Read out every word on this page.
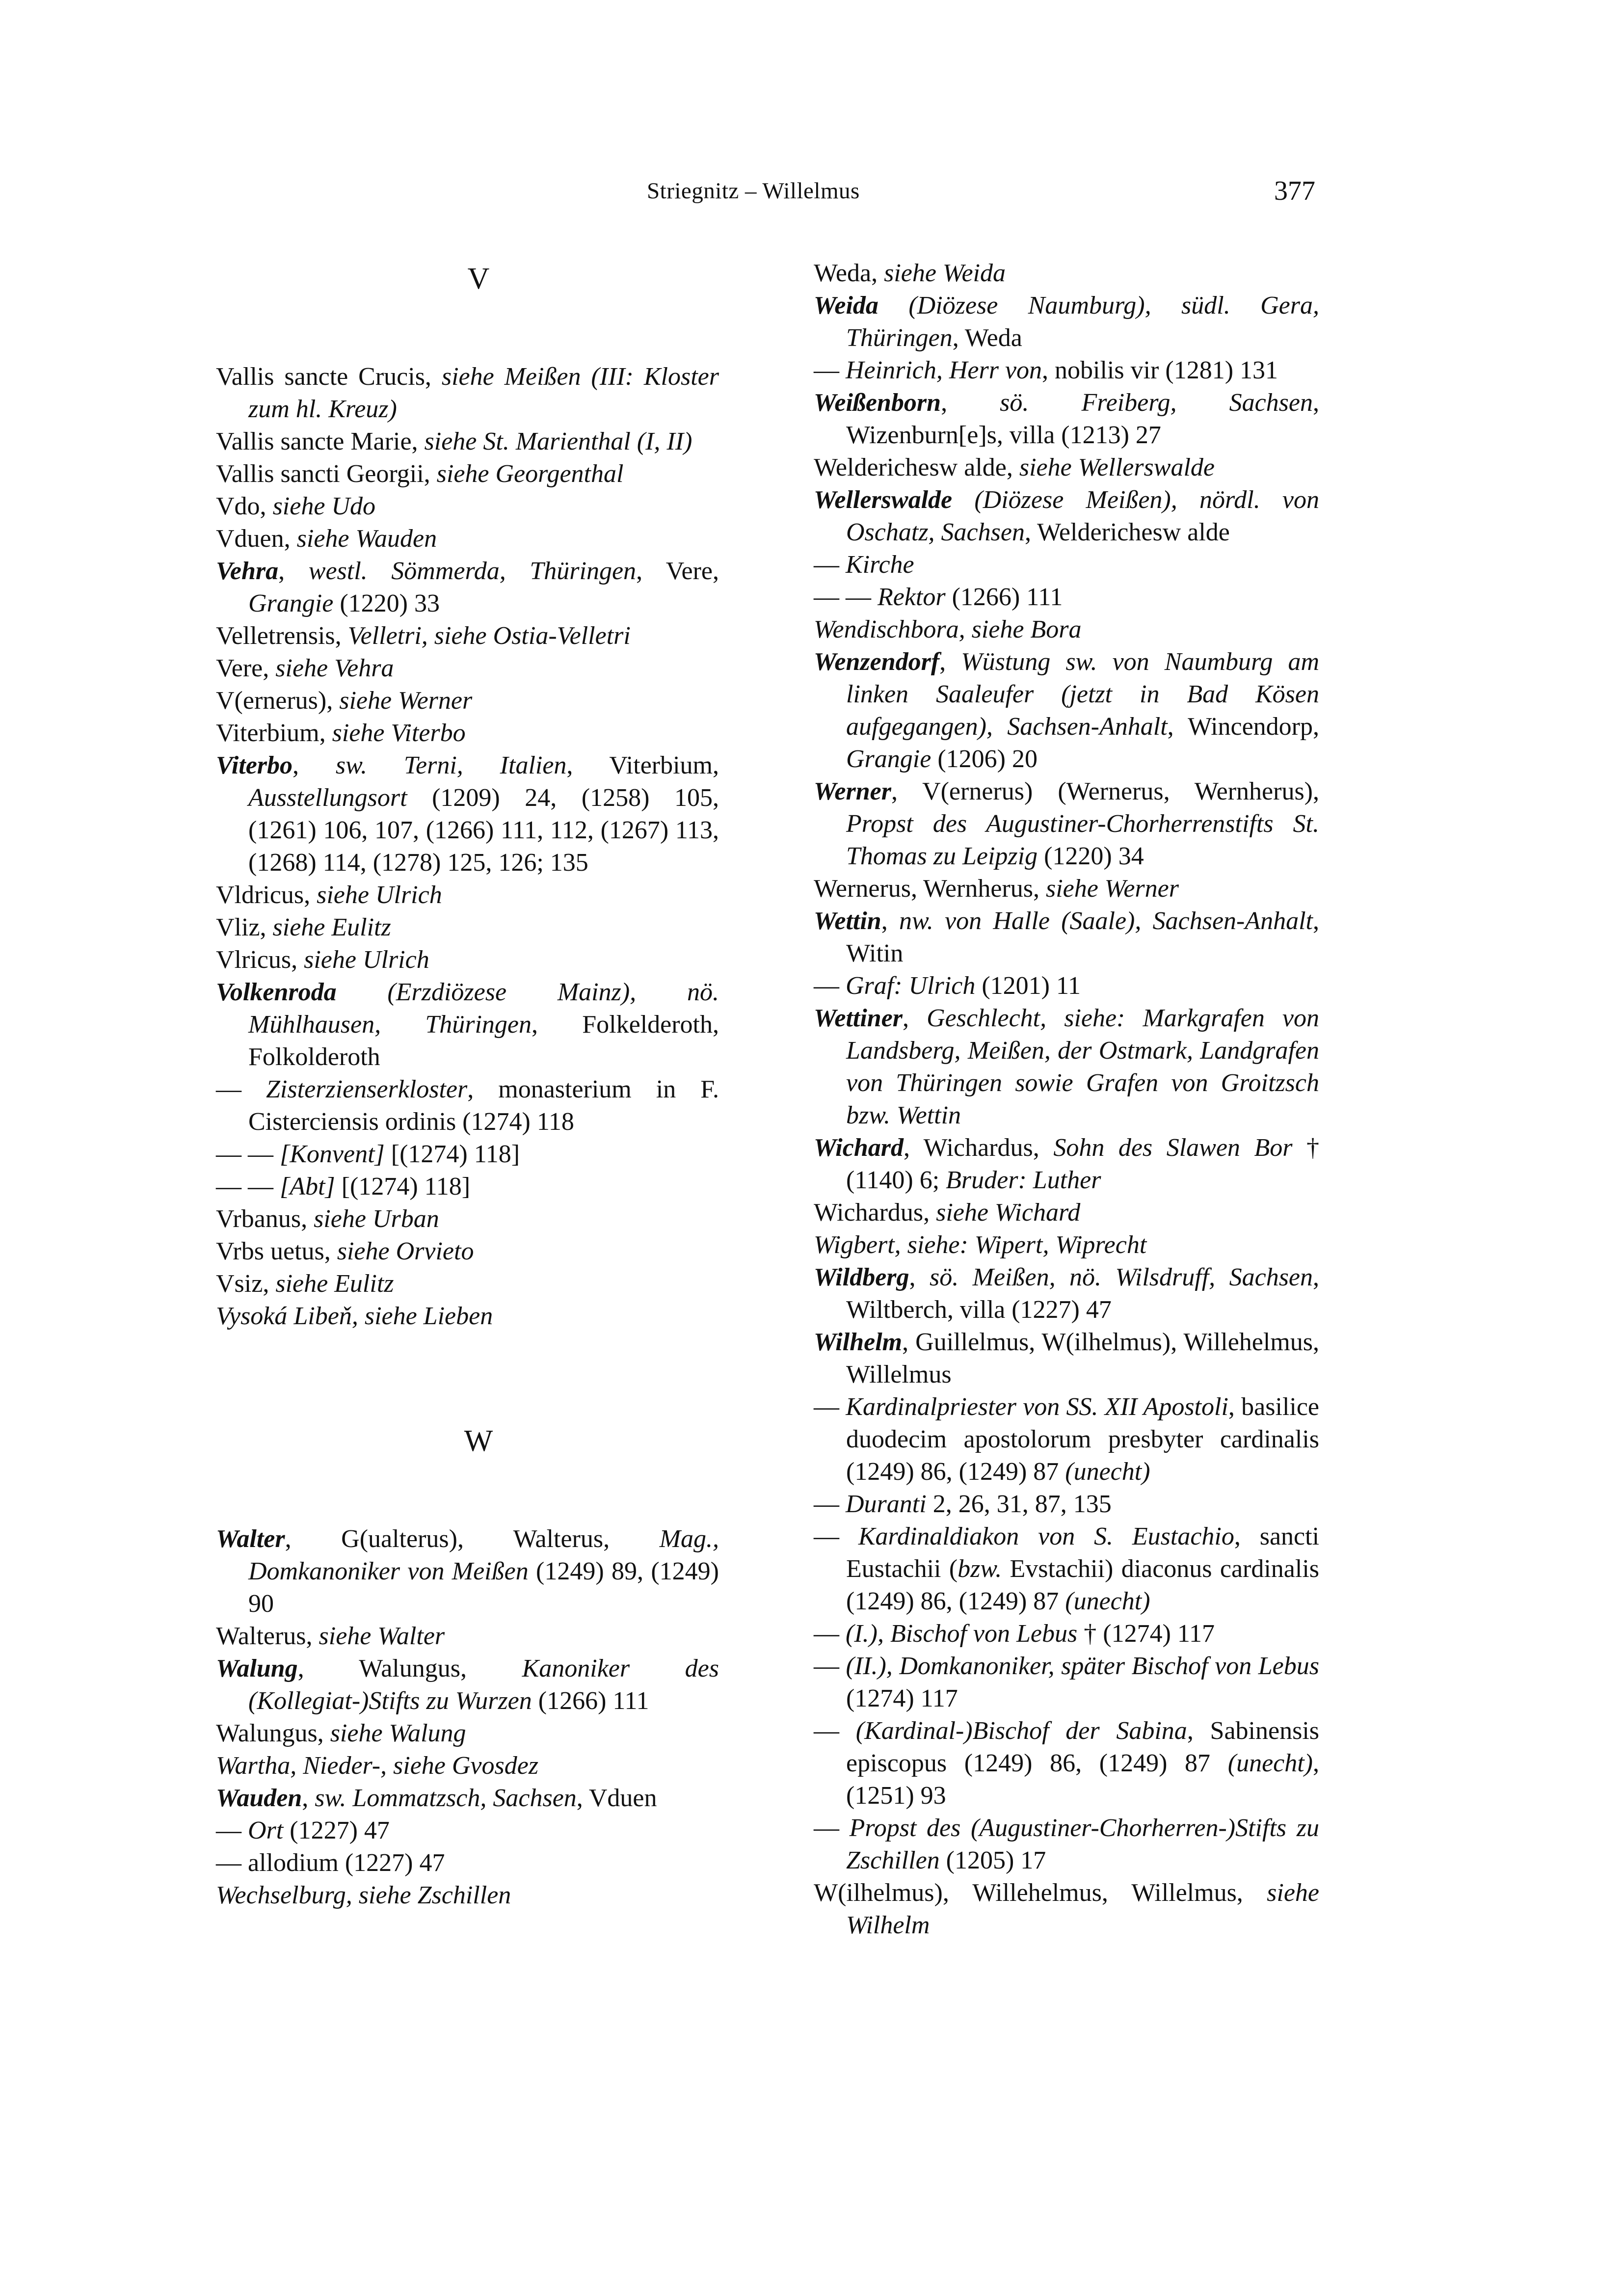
Striegnitz – Willelmus	377
V
Vallis sancte Crucis, siehe Meißen (III: Kloster zum hl. Kreuz)
Vallis sancte Marie, siehe St. Marienthal (I, II)
Vallis sancti Georgii, siehe Georgenthal
Vdo, siehe Udo
Vduen, siehe Wauden
Vehra, westl. Sömmerda, Thüringen, Vere, Grangie (1220) 33
Velletrensis, Velletri, siehe Ostia-Velletri
Vere, siehe Vehra
V(ernerus), siehe Werner
Viterbium, siehe Viterbo
Viterbo, sw. Terni, Italien, Viterbium, Ausstellungsort (1209) 24, (1258) 105, (1261) 106, 107, (1266) 111, 112, (1267) 113, (1268) 114, (1278) 125, 126; 135
Vldricus, siehe Ulrich
Vliz, siehe Eulitz
Vlricus, siehe Ulrich
Volkenroda (Erzdiözese Mainz), nö. Mühlhausen, Thüringen, Folkelderoth, Folkolderoth
— Zisterzienserkloster, monasterium in F. Cisterciensis ordinis (1274) 118
— — [Konvent] [(1274) 118]
— — [Abt] [(1274) 118]
Vrbanus, siehe Urban
Vrbs uetus, siehe Orvieto
Vsiz, siehe Eulitz
Vysoká Libeň, siehe Lieben
W
Walter, G(ualterus), Walterus, Mag., Domkanoniker von Meißen (1249) 89, (1249) 90
Walterus, siehe Walter
Walung, Walungus, Kanoniker des (Kollegiat-)Stifts zu Wurzen (1266) 111
Walungus, siehe Walung
Wartha, Nieder-, siehe Gvosdez
Wauden, sw. Lommatzsch, Sachsen, Vduen
— Ort (1227) 47
— allodium (1227) 47
Wechselburg, siehe Zschillen
Weda, siehe Weida
Weida (Diözese Naumburg), südl. Gera, Thüringen, Weda
— Heinrich, Herr von, nobilis vir (1281) 131
Weißenborn, sö. Freiberg, Sachsen, Wizenburn[e]s, villa (1213) 27
Welderichesw alde, siehe Wellerswalde
Wellerswalde (Diözese Meißen), nördl. von Oschatz, Sachsen, Welderichesw alde
— Kirche
— — Rektor (1266) 111
Wendischbora, siehe Bora
Wenzendorf, Wüstung sw. von Naumburg am linken Saaleufer (jetzt in Bad Kösen aufgegangen), Sachsen-Anhalt, Wincendorp, Grangie (1206) 20
Werner, V(ernerus) (Wernerus, Wernherus), Propst des Augustiner-Chorherrenstifts St. Thomas zu Leipzig (1220) 34
Wernerus, Wernherus, siehe Werner
Wettin, nw. von Halle (Saale), Sachsen-Anhalt, Witin
— Graf: Ulrich (1201) 11
Wettiner, Geschlecht, siehe: Markgrafen von Landsberg, Meißen, der Ostmark, Landgrafen von Thüringen sowie Grafen von Groitzsch bzw. Wettin
Wichard, Wichardus, Sohn des Slawen Bor † (1140) 6; Bruder: Luther
Wichardus, siehe Wichard
Wigbert, siehe: Wipert, Wiprecht
Wildberg, sö. Meißen, nö. Wilsdruff, Sachsen, Wiltberch, villa (1227) 47
Wilhelm, Guillelmus, W(ilhelmus), Willehelmus, Willelmus
— Kardinalpriester von SS. XII Apostoli, basilice duodecim apostolorum presbyter cardinalis (1249) 86, (1249) 87 (unecht)
— Duranti 2, 26, 31, 87, 135
— Kardinaldiakon von S. Eustachio, sancti Eustachii (bzw. Evstachii) diaconus cardinalis (1249) 86, (1249) 87 (unecht)
— (I.), Bischof von Lebus † (1274) 117
— (II.), Domkanoniker, später Bischof von Lebus (1274) 117
— (Kardinal-)Bischof der Sabina, Sabinensis episcopus (1249) 86, (1249) 87 (unecht), (1251) 93
— Propst des (Augustiner-Chorherren-)Stifts zu Zschillen (1205) 17
W(ilhelmus), Willehelmus, Willelmus, siehe Wilhelm
